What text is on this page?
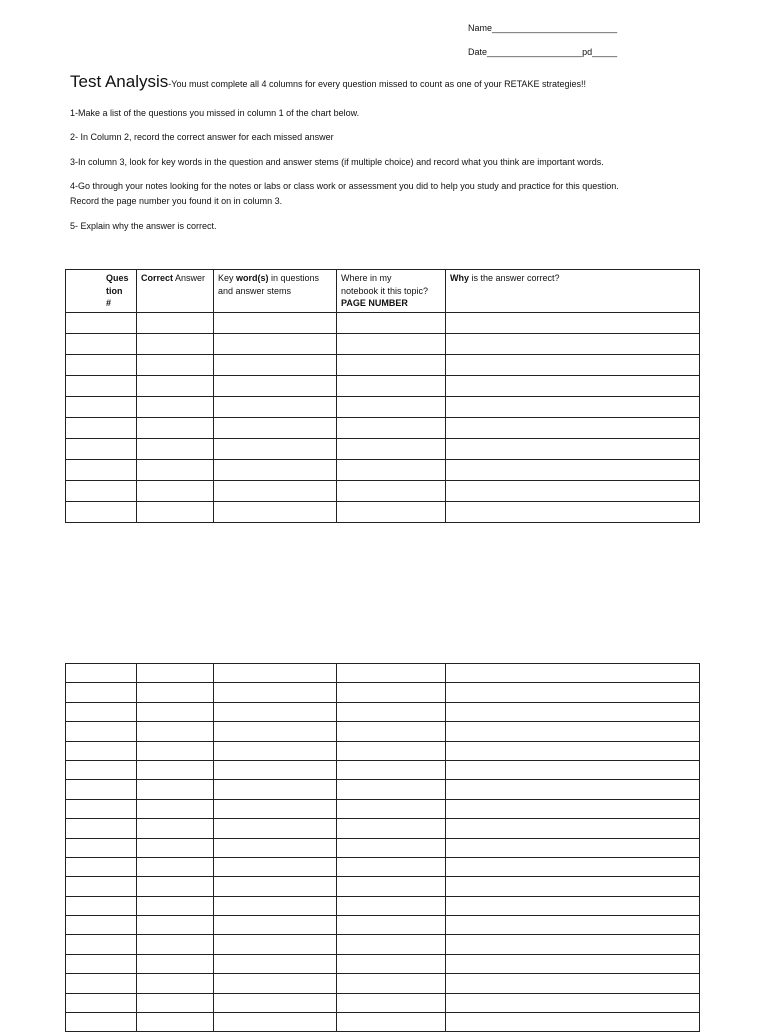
Name_________________________
Date___________________pd_____
Test Analysis-You must complete all 4 columns for every question missed to count as one of your RETAKE strategies!!
1-Make a list of the questions you missed in column 1 of the chart below.
2- In Column 2, record the correct answer for each missed answer
3-In column 3, look for key words in the question and answer stems (if multiple choice) and record what you think are important words.
4-Go through your notes looking for the notes or labs or class work or assessment you did to help you study and practice for this question.
Record the page number you found it on in column 3.
5- Explain why the answer is correct.
Ques
tion
#	Correct Answer	Key word(s) in questions
and answer stems	Where in my
notebook it this topic?
PAGE NUMBER	Why is the answer correct?
